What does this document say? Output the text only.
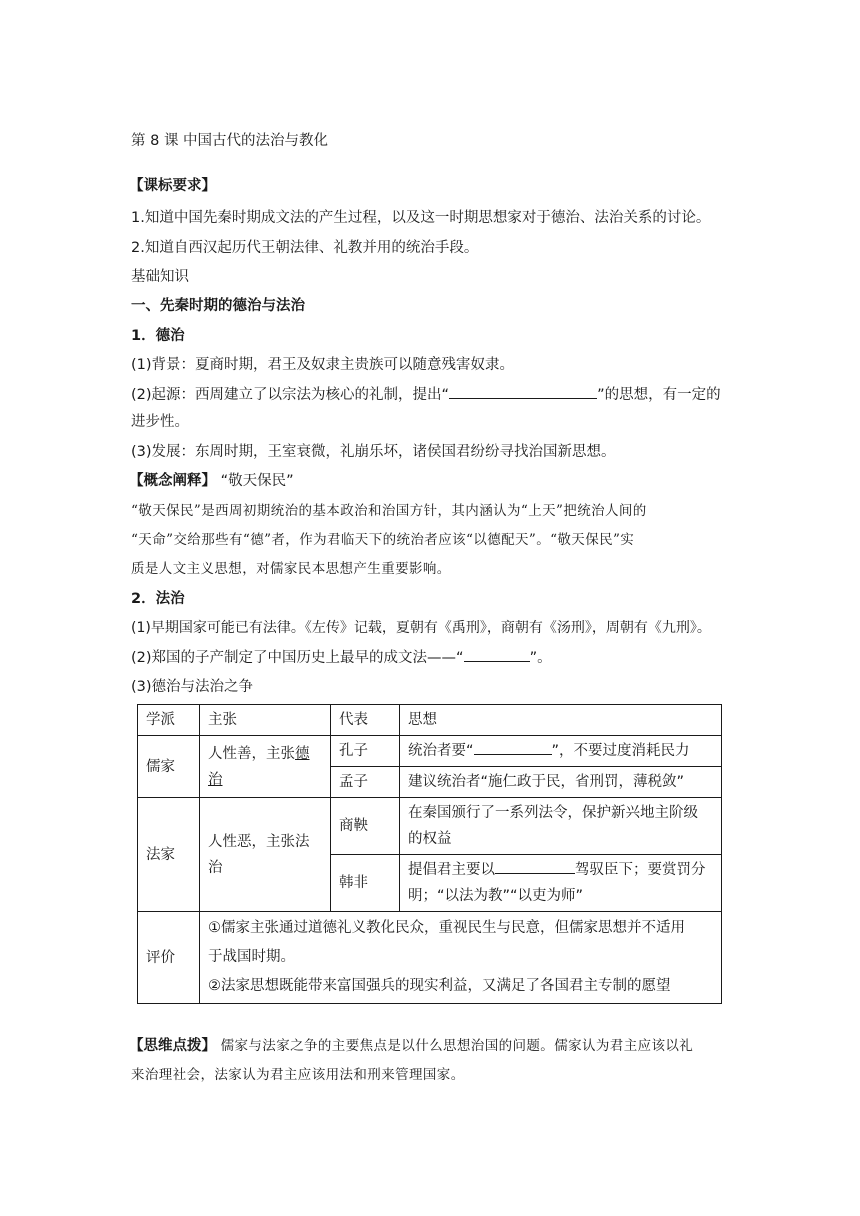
第 8 课 中国古代的法治与教化
【课标要求】
1.知道中国先秦时期成文法的产生过程，以及这一时期思想家对于德治、法治关系的讨论。
2.知道自西汉起历代王朝法律、礼教并用的统治手段。
基础知识
一、先秦时期的德治与法治
1．德治
(1)背景：夏商时期，君王及奴隶主贵族可以随意残害奴隶。
(2)起源：西周建立了以宗法为核心的礼制，提出“	”的思想，有一定的
进步性。
(3)发展：东周时期，王室衰微，礼崩乐坏，诸侯国君纷纷寻找治国新思想。
【概念阐释】 “敬天保民”
“敬天保民”是西周初期统治的基本政治和治国方针，其内涵认为“上天”把统治人间的
“天命”交给那些有“德”者，作为君临天下的统治者应该“以德配天”。“敬天保民”实
质是人文主义思想，对儒家民本思想产生重要影响。
2．法治
(1)早期国家可能已有法律。《左传》记载，夏朝有《禹刑》，商朝有《汤刑》，周朝有《九刑》。
(2)郑国的子产制定了中国历史上最早的成文法——“	”。
(3)德治与法治之争
学派	主张	代表	思想
儒家	人性善，主张德治	孔子	统治者要“ ”，不要过度消耗民力
		孟子	建议统治者“施仁政于民，省刑罚，薄税敛”
法家	人性恶，主张法治	商鞅	在秦国颁行了一系列法令，保护新兴地主阶级
的权益

		韩非	提倡君主要以 驾驭臣下；要赏罚分
明；“以法为教”“以吏为师”

评价	①儒家主张通过道德礼义教化民众，重视民生与民意，但儒家思想并不适用
于战国时期。
②法家思想既能带来富国强兵的现实利益，又满足了各国君主专制的愿望		
【思维点拨】 儒家与法家之争的主要焦点是以什么思想治国的问题。儒家认为君主应该以礼
来治理社会，法家认为君主应该用法和刑来管理国家。
